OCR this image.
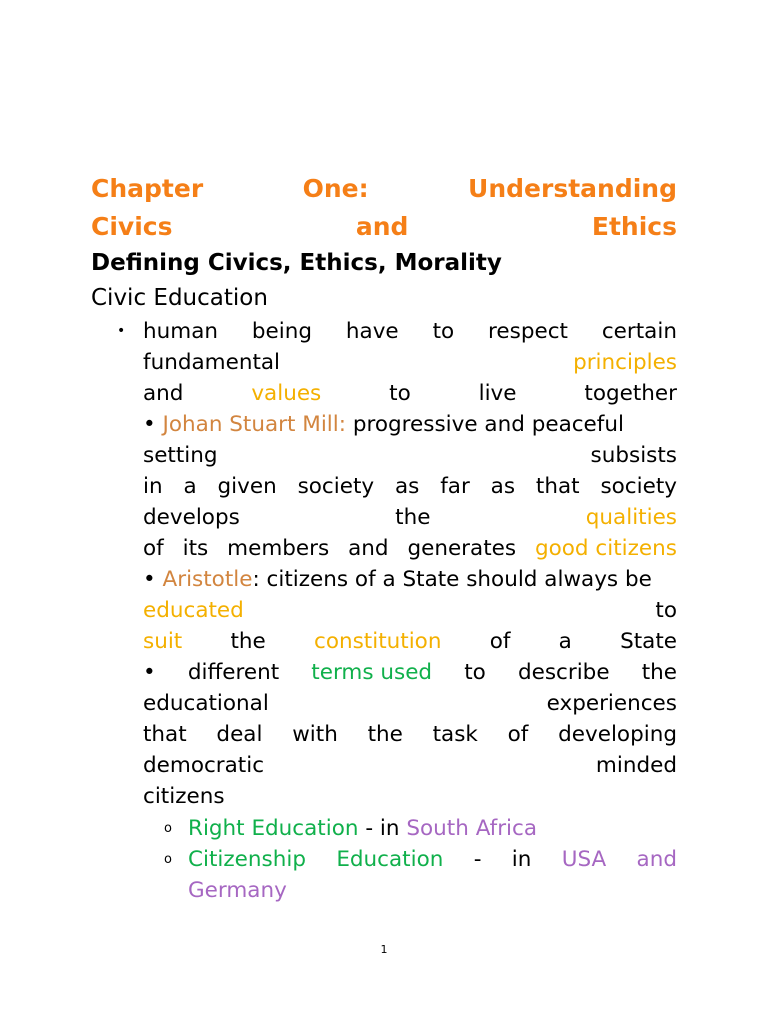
Chapter	One:	Understanding
Civics	and	Ethics
Defining Civics, Ethics, Morality
Civic Education
• human being have to respect certain
fundamental	principles
and	values	to	live	together
• Johan Stuart Mill: progressive and peaceful
setting	subsists
in a given society as far as that society
develops	the	qualities
of its members and generates good citizens
• Aristotle: citizens of a State should always be
educated	to
suit the constitution of a State
• different terms used to describe the
educational	experiences
that deal with the task of developing
democratic	minded
citizens
o Right Education - in South Africa
o Citizenship Education - in USA and
Germany
1
